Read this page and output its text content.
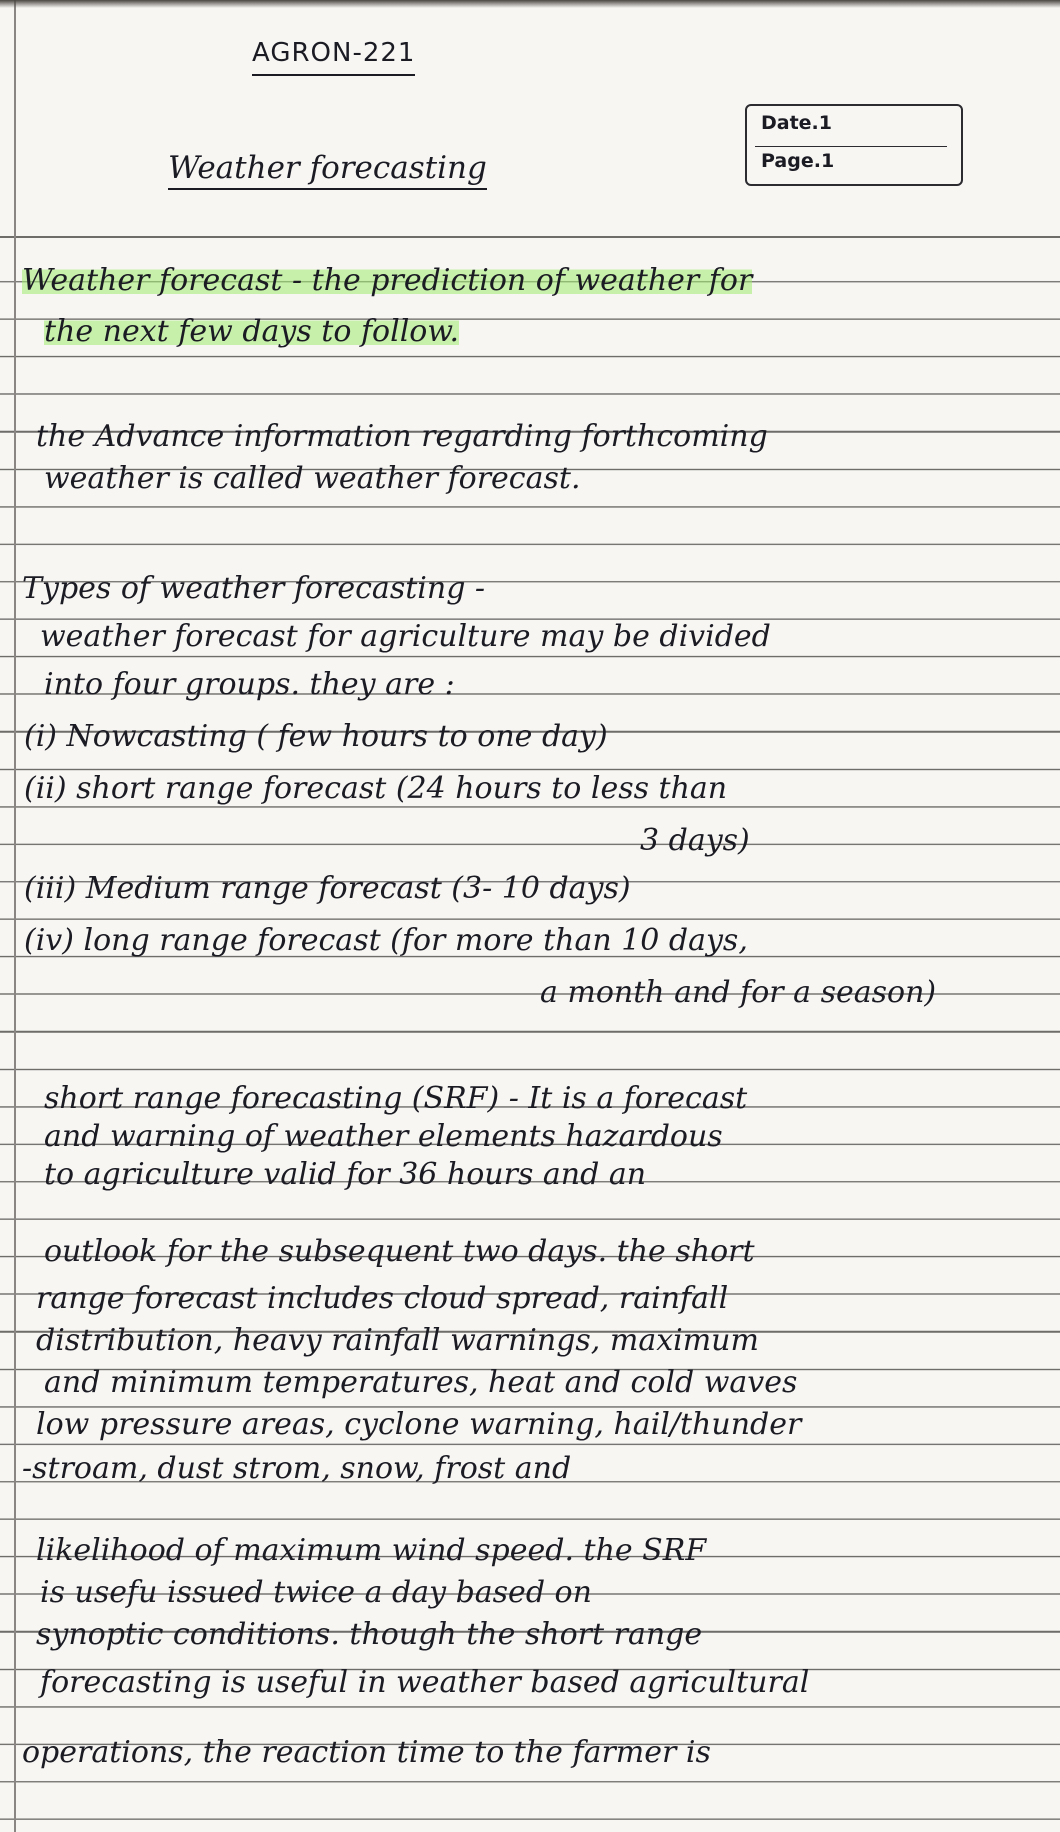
AGRON-221

Weather forecasting

Date.1

Page.1

Weather forecast - the prediction of weather for

the next few days to follow.

the Advance information regarding forthcoming

weather is called weather forecast.

Types of weather forecasting -

weather forecast for agriculture may be divided

into four groups. they are :

(i) Nowcasting ( few hours to one day)

(ii) short range forecast (24 hours to less than

3 days)

(iii) Medium range forecast (3- 10 days)

(iv) long range forecast (for more than 10 days,

a month and for a season)

short range forecasting (SRF) - It is a forecast

and warning of weather elements hazardous

to agriculture valid for 36 hours and an

outlook for the subsequent two days. the short

range forecast includes cloud spread, rainfall

distribution, heavy rainfall warnings, maximum

and minimum temperatures, heat and cold waves

low pressure areas, cyclone warning, hail/thunder

-stroam, dust strom, snow, frost and

likelihood of maximum wind speed. the SRF

is usefu issued twice a day based on

synoptic conditions. though the short range

forecasting is useful in weather based agricultural

operations, the reaction time to the farmer is
